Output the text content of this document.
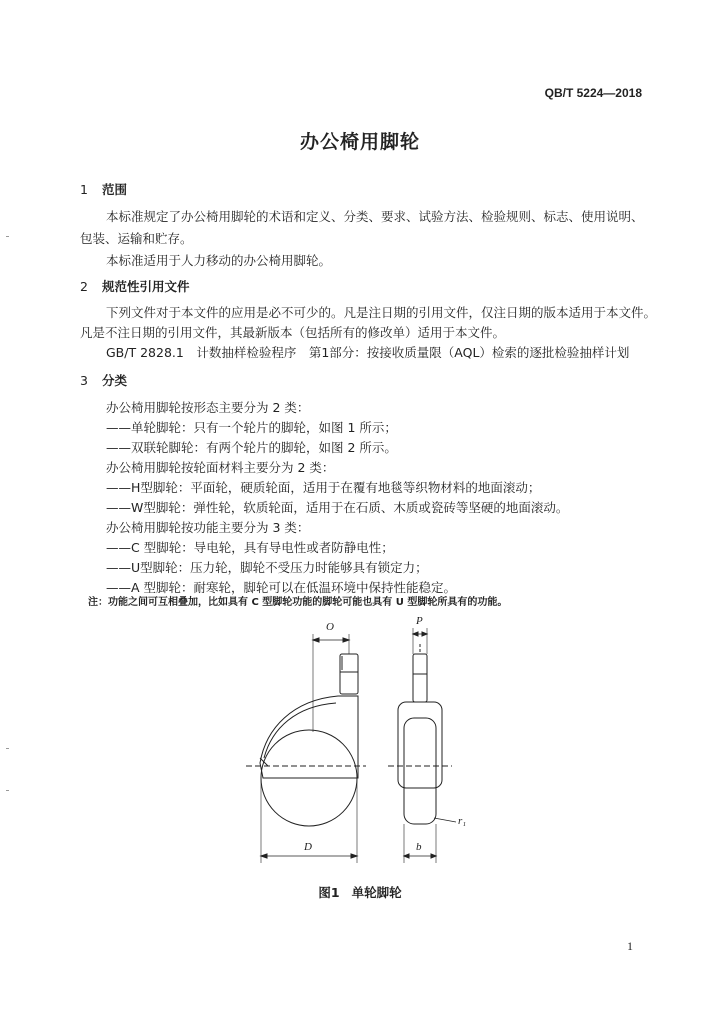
QB/T 5224—2018
办公椅用脚轮
1 范围
本标准规定了办公椅用脚轮的术语和定义、分类、要求、试验方法、检验规则、标志、使用说明、
包装、运输和贮存。
本标准适用于人力移动的办公椅用脚轮。
2 规范性引用文件
下列文件对于本文件的应用是必不可少的。凡是注日期的引用文件，仅注日期的版本适用于本文件。
凡是不注日期的引用文件，其最新版本（包括所有的修改单）适用于本文件。
GB/T 2828.1　计数抽样检验程序　第1部分：按接收质量限（AQL）检索的逐批检验抽样计划
3 分类
办公椅用脚轮按形态主要分为 2 类：
——单轮脚轮：只有一个轮片的脚轮，如图 1 所示；
——双联轮脚轮：有两个轮片的脚轮，如图 2 所示。
办公椅用脚轮按轮面材料主要分为 2 类：
——H型脚轮：平面轮，硬质轮面，适用于在覆有地毯等织物材料的地面滚动；
——W型脚轮：弹性轮，软质轮面，适用于在石质、木质或瓷砖等坚硬的地面滚动。
办公椅用脚轮按功能主要分为 3 类：
——C 型脚轮：导电轮，具有导电性或者防静电性；
——U型脚轮：压力轮，脚轮不受压力时能够具有锁定力；
——A 型脚轮：耐寒轮，脚轮可以在低温环境中保持性能稳定。
注：功能之间可互相叠加，比如具有 C 型脚轮功能的脚轮可能也具有 U 型脚轮所具有的功能。
O	P
D	b
r₁
图1 单轮脚轮
1
